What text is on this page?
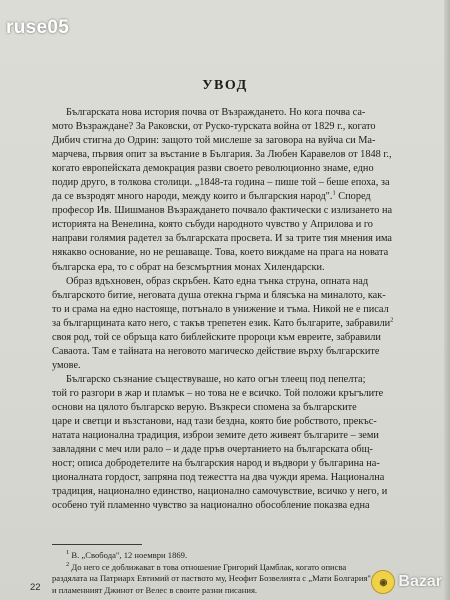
ruse05
УВОД
Българската нова история почва от Възраждането. Но кога почва са-
мото Възраждане? За Раковски, от Руско-турската война от 1829 г., когато
Дибич стигна до Одрин: защото той мислеше за заговора на вуйча си Ма-
марчева, първия опит за въстание в България. За Любен Каравелов от 1848 г.,
когато европейската демокрация разви своето революционно знаме, едно
подир друго, в толкова столици. „1848-та година – пише той – беше епоха, за
да се възродят много народи, между които и българския народ".$^1$ Според
професор Ив. Шишманов Възраждането почвало фактически с излизането на
историята на Венелина, която събуди народното чувство у Априлова и го
направи голямия радетел за българската просвета. И за трите тия мнения има
някакво основание, но не решаваще. Това, което виждаме на прага на новата
българска ера, то с обрат на безсмъртния монах Хилендарски.
Образ вдъхновен, образ скръбен. Като една тънка струна, опната над
българското битие, неговата душа отекна гърма и блясъка на миналото, как-
то и срама на едно настояще, потънало в унижение и тъма. Никой не е писал
за българщината като него, с такъв трепетен език. Като българите, забравили$^2$
своя род, той се обръща като библейските пророци към евреите, забравили
Саваота. Там е тайната на неговото магическо действие върху българските
умове.
Българско съзнание съществуваше, но като огън тлеещ под пепелта;
той го разгори в жар и пламък – но това не е всичко. Той положи кръгълите
основи на цялото българско верую. Възкреси спомена за българските
царе и светци и възстанови, над тази бездна, която бие робството, прекъс-
натата национална традиция, изброи земите дето живеят българите – земи
завладяни с меч или рало – и даде пръв очертанието на българската общ-
ност; описа добродетелите на българския народ и въдвори у българина на-
ционалната гордост, запряна под тежестта на два чужди ярема. Национална
традиция, национално единство, национално самочувствие, всичко у него, и
особено туй пламенно чувство за национално обособление показва една
$^1$ В. „Свобода", 12 ноември 1869.
$^2$ До него се доближават в това отношение Григорий Цамблак, когато описва
раздялата на Патриарх Евтимий от паството му, Неофит Бозвелията с „Мати Болгария"
и пламенният Джинот от Велес в своите разни писания.
22
◉ Bazar
